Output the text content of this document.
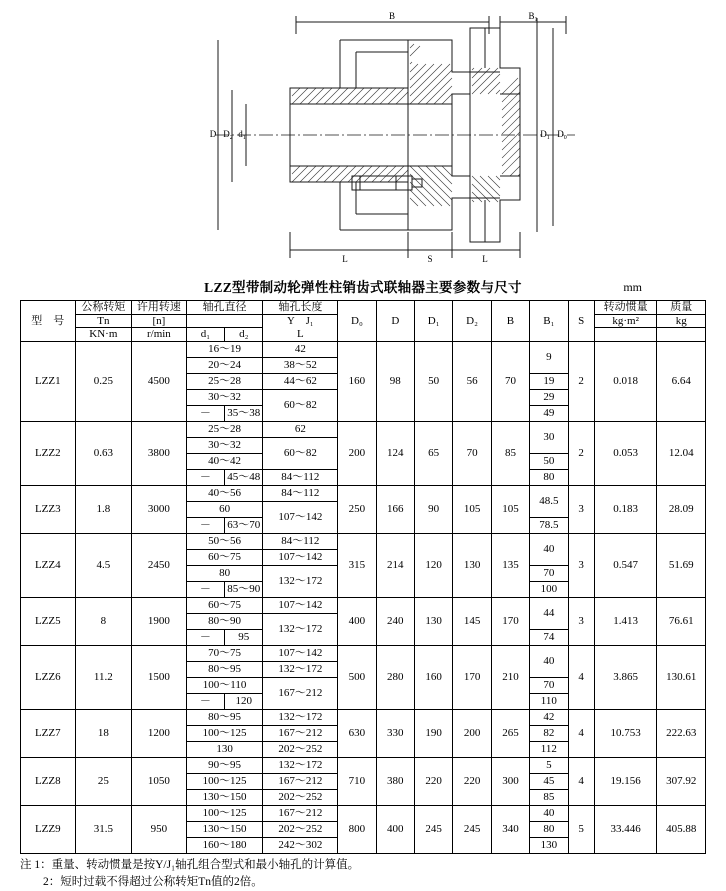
B	$B_1$
D $D_2$ $d_1$	$D_1$ $D_0$
L	S	L
LZZ型带制动轮弹性柱销齿式联轴器主要参数与尺寸	mm
型　号	公称转矩	许用转速	轴孔直径		轴孔长度	D₀	D	D₁	D₂	B	B₁	S	转动惯量	质量
	Tn	[n]			Y J₁								kg·m²	kg
	KN·m	r/min	d₁	d₂	L									
LZZ1	0.25	4500	16～19		42	160	98	50	56	70	9	2	0.018	6.64
			20～24		38～52									
			25～28		44～62						19			
			30～32		60～82						29			
			－	35～38							49			
LZZ2	0.63	3800	25～28		62	200	124	65	70	85	30	2	0.053	12.04
			30～32		60～82									
			40～42								50			
			－	45～48	84～112						80			
LZZ3	1.8	3000	40～56		84～112	250	166	90	105	105	48.5	3	0.183	28.09
			60		107～142									
			－	63～70							78.5			
LZZ4	4.5	2450	50～56		84～112	315	214	120	130	135	40	3	0.547	51.69
			60～75		107～142									
			80		132～172						70			
			－	85～90							100			
LZZ5	8	1900	60～75		107～142	400	240	130	145	170	44	3	1.413	76.61
			80～90		132～172									
			－	95							74			
LZZ6	11.2	1500	70～75		107～142	500	280	160	170	210	40	4	3.865	130.61
			80～95		132～172									
			100～110		167～212						70			
			－	120							110			
LZZ7	18	1200	80～95		132～172	630	330	190	200	265	42	4	10.753	222.63
			100～125		167～212						82			
			130		202～252						112			
LZZ8	25	1050	90～95		132～172	710	380	220	220	300	5	4	19.156	307.92
			100～125		167～212						45			
			130～150		202～252						85			
LZZ9	31.5	950	100～125		167～212	800	400	245	245	340	40	5	33.446	405.88
			130～150		202～252						80			
			160～180		242～302						130			
注 1：重量、转动惯量是按Y/J₁轴孔组合型式和最小轴孔的计算值。
　　2：短时过载不得超过公称转矩Tn值的2倍。
